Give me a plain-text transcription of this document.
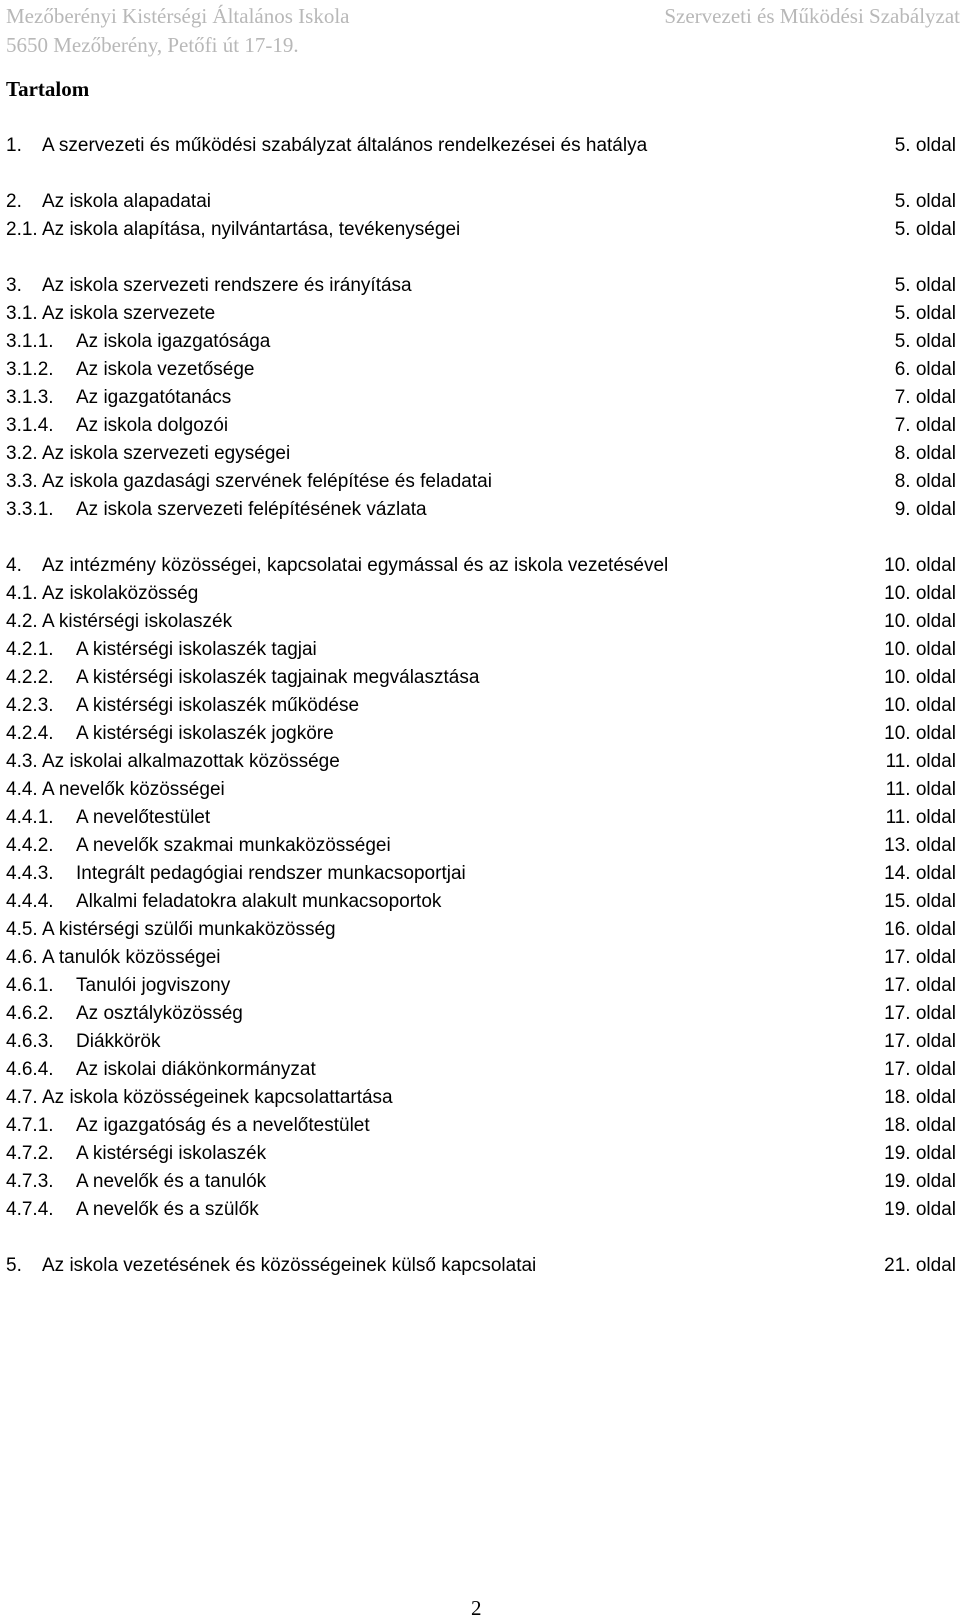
Mezőberényi Kistérségi Általános Iskola	Szervezeti és Működési Szabályzat
5650 Mezőberény, Petőfi út 17-19.
Tartalom
1. A szervezeti és működési szabályzat általános rendelkezései és hatálya	5. oldal
2. Az iskola alapadatai	5. oldal
2.1. Az iskola alapítása, nyilvántartása, tevékenységei	5. oldal
3. Az iskola szervezeti rendszere és irányítása	5. oldal
3.1. Az iskola szervezete	5. oldal
3.1.1. Az iskola igazgatósága	5. oldal
3.1.2. Az iskola vezetősége	6. oldal
3.1.3. Az igazgatótanács	7. oldal
3.1.4. Az iskola dolgozói	7. oldal
3.2. Az iskola szervezeti egységei	8. oldal
3.3. Az iskola gazdasági szervének felépítése és feladatai	8. oldal
3.3.1. Az iskola szervezeti felépítésének vázlata	9. oldal
4. Az intézmény közösségei, kapcsolatai egymással és az iskola vezetésével	10. oldal
4.1. Az iskolaközösség	10. oldal
4.2. A kistérségi iskolaszék	10. oldal
4.2.1. A kistérségi iskolaszék tagjai	10. oldal
4.2.2. A kistérségi iskolaszék tagjainak megválasztása	10. oldal
4.2.3. A kistérségi iskolaszék működése	10. oldal
4.2.4. A kistérségi iskolaszék jogköre	10. oldal
4.3. Az iskolai alkalmazottak közössége	11. oldal
4.4. A nevelők közösségei	11. oldal
4.4.1. A nevelőtestület	11. oldal
4.4.2. A nevelők szakmai munkaközösségei	13. oldal
4.4.3. Integrált pedagógiai rendszer munkacsoportjai	14. oldal
4.4.4. Alkalmi feladatokra alakult munkacsoportok	15. oldal
4.5. A kistérségi szülői munkaközösség	16. oldal
4.6. A tanulók közösségei	17. oldal
4.6.1. Tanulói jogviszony	17. oldal
4.6.2. Az osztályközösség	17. oldal
4.6.3. Diákkörök	17. oldal
4.6.4. Az iskolai diákönkormányzat	17. oldal
4.7. Az iskola közösségeinek kapcsolattartása	18. oldal
4.7.1. Az igazgatóság és a nevelőtestület	18. oldal
4.7.2. A kistérségi iskolaszék	19. oldal
4.7.3. A nevelők és a tanulók	19. oldal
4.7.4. A nevelők és a szülők	19. oldal
5. Az iskola vezetésének és közösségeinek külső kapcsolatai	21. oldal
2
